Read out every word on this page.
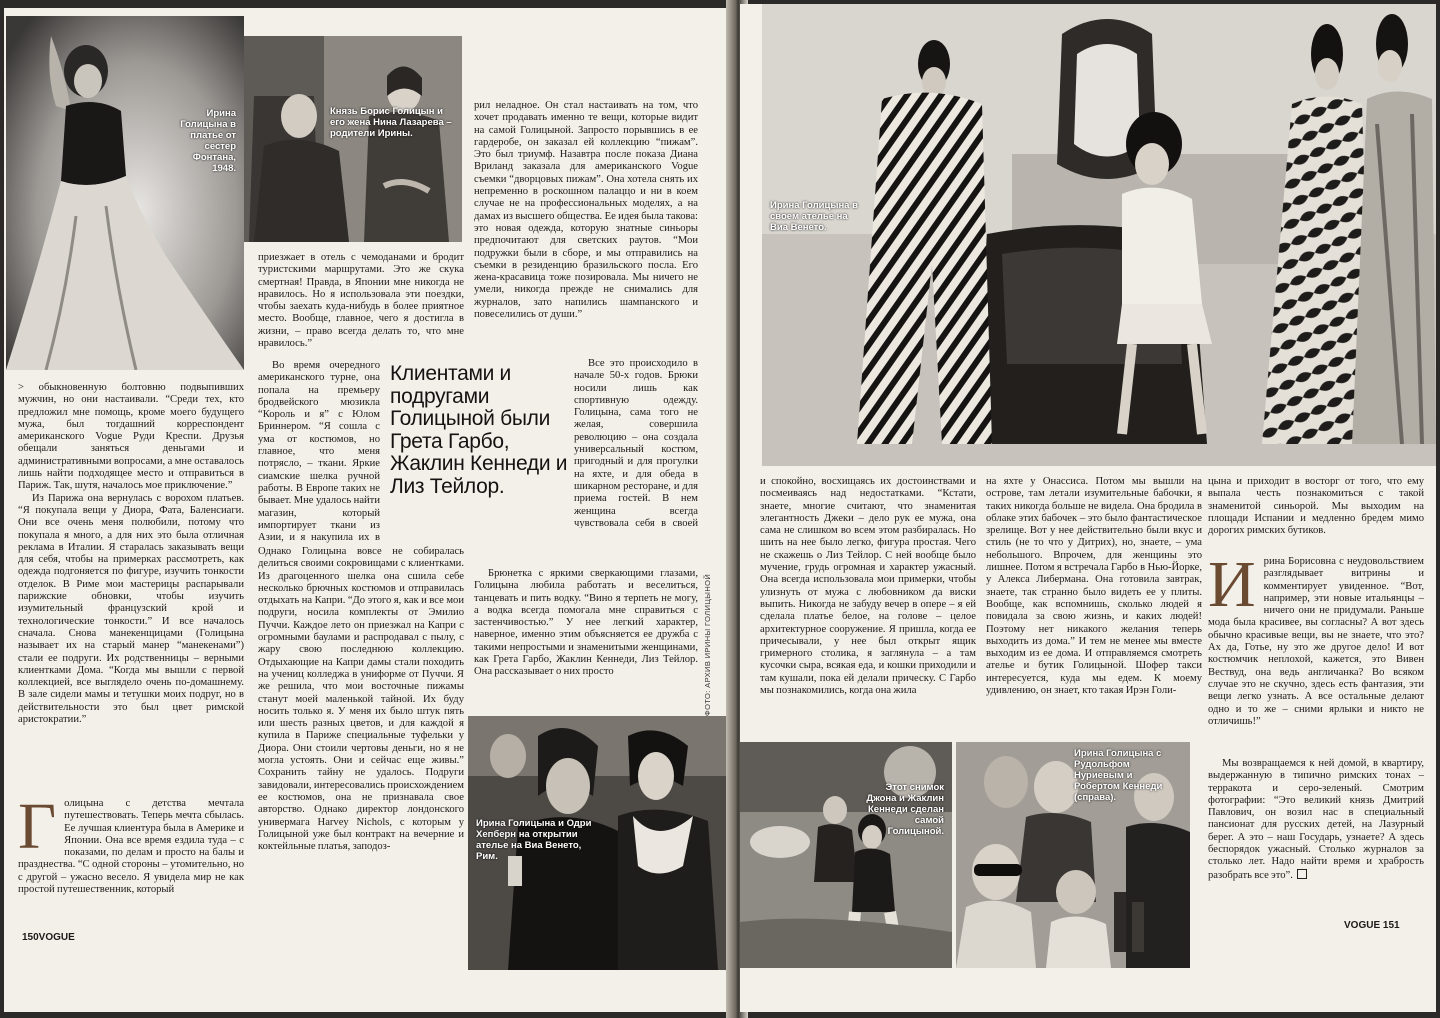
Ирина Голицына в платье от сестер Фонтана, 1948.
Князь Борис Голицын и его жена Нина Лазарева – родители Ирины.

> обыкновенную болтовню подвыпивших мужчин, но они настаивали. “Среди тех, кто предложил мне помощь, кроме моего будущего мужа, был тогдашний корреспондент американского Vogue Руди Креспи. Друзья обещали заняться деньгами и административными вопросами, а мне оставалось лишь найти подходящее место и отправиться в Париж. Так, шутя, началось мое приключение.”

Из Парижа она вернулась с ворохом платьев. “Я покупала вещи у Диора, Фата, Баленсиаги. Они все очень меня полюбили, потому что покупала я много, а для них это была отличная реклама в Италии. Я старалась заказывать вещи для себя, чтобы на примерках рассмотреть, как одежда подгоняется по фигуре, изучить тонкости отделок. В Риме мои мастерицы распарывали парижские обновки, чтобы изучить изумительный французский крой и технологические тонкости.” И все началось сначала. Снова манекенщицами (Голицына называет их на старый манер “манекенами”) стали ее подруги. Их родственницы – верными клиентками Дома. “Когда мы вышли с первой коллекцией, все выглядело очень по-домашнему. В зале сидели мамы и тетушки моих подруг, но в действительности это был цвет римской аристократии.”

Голицына с детства мечтала путешествовать. Теперь мечта сбылась. Ее лучшая клиентура была в Америке и Японии. Она все время ездила туда – с показами, по делам и просто на балы и празднества. “С одной стороны – утомительно, но с другой – ужасно весело. Я увидела мир не как простой путешественник, который

приезжает в отель с чемоданами и бродит туристскими маршрутами. Это же скука смертная! Правда, в Японии мне никогда не нравилось. Но я использовала эти поездки, чтобы заехать куда-нибудь в более приятное место. Вообще, главное, чего я достигла в жизни, – право всегда делать то, что мне нравилось.”

Во время очередного американского турне, она попала на премьеру бродвейского мюзикла “Король и я” с Юлом Бриннером. “Я сошла с ума от костюмов, но главное, что меня потрясло, – ткани. Яркие сиамские шелка ручной работы. В Европе таких не бывает. Мне удалось найти магазин, который импортирует ткани из Азии, и я накупила их в

Однако Голицына вовсе не собиралась делиться своими сокровищами с клиентками. Из драгоценного шелка она сшила себе несколько брючных костюмов и отправилась отдыхать на Капри. “До этого я, как и все мои подруги, носила комплекты от Эмилио Пуччи. Каждое лето он приезжал на Капри с огромными баулами и распродавал с пылу, с жару свою последнюю коллекцию. Отдыхающие на Капри дамы стали походить на учениц колледжа в униформе от Пуччи. Я же решила, что мои восточные пижамы станут моей маленькой тайной. Их буду носить только я. У меня их было штук пять или шесть разных цветов, и для каждой я купила в Париже специальные туфельки у Диора. Они стоили чертовы деньги, но я не могла устоять. Они и сейчас еще живы.” Сохранить тайну не удалось. Подруги завидовали, интересовались происхождением ее костюмов, она не признавала свое авторство. Однако директор лондонского универмага Harvey Nichols, с которым у Голицыной уже был контракт на вечерние и коктейльные платья, заподоз-

Клиентами и подругами Голицыной были Грета Гарбо, Жаклин Кеннеди и Лиз Тейлор.

рил неладное. Он стал настаивать на том, что хочет продавать именно те вещи, которые видит на самой Голицыной. Запросто порывшись в ее гардеробе, он заказал ей коллекцию “пижам”. Это был триумф. Назавтра после показа Диана Вриланд заказала для американского Vogue съемки “дворцовых пижам”. Она хотела снять их непременно в роскошном палаццо и ни в коем случае не на профессиональных моделях, а на дамах из высшего общества. Ее идея была такова: это новая одежда, которую знатные синьоры предпочитают для светских раутов. “Мои подружки были в сборе, и мы отправились на съемки в резиденцию бразильского посла. Его жена-красавица тоже позировала. Мы ничего не умели, никогда прежде не снимались для журналов, зато напились шампанского и повеселились от души.”

Все это происходило в начале 50-х годов. Брюки носили лишь как спортивную одежду. Голицына, сама того не желая, совершила революцию – она создала универсальный костюм, пригодный и для прогулки на яхте, и для обеда в шикарном ресторане, и для приема гостей. В нем женщина всегда чувствовала себя в своей

Брюнетка с яркими сверкающими глазами, Голицына любила работать и веселиться, танцевать и пить водку. “Вино я терпеть не могу, а водка всегда помогала мне справиться с застенчивостью.” У нее легкий характер, наверное, именно этим объясняется ее дружба с такими непростыми и знаменитыми женщинами, как Грета Гарбо, Жаклин Кеннеди, Лиз Тейлор. Она рассказывает о них просто	ФОТО: АРХИВ ИРИНЫ ГОЛИЦЫНОЙ
Ирина Голицына и Одри Хепберн на открытии ателье на Виа Венето, Рим.
150VOGUE
Ирина Голицына в своем ателье на Виа Венето.

и спокойно, восхищаясь их достоинствами и посмеиваясь над недостатками. “Кстати, знаете, многие считают, что знаменитая элегантность Джеки – дело рук ее мужа, она сама не слишком во всем этом разбиралась. Но шить на нее было легко, фигура простая. Чего не скажешь о Лиз Тейлор. С ней вообще было мучение, грудь огромная и характер ужасный. Она всегда использовала мои примерки, чтобы улизнуть от мужа с любовником да виски выпить. Никогда не забуду вечер в опере – я ей сделала платье белое, на голове – целое архитектурное сооружение. Я пришла, когда ее причесывали, у нее был открыт ящик гримерного столика, я заглянула – а там куcочки сыра, всякая еда, и кошки приходили и там кушали, пока ей делали прическу. С Гарбо мы познакомились, когда она жила

на яхте у Онассиса. Потом мы вышли на острове, там летали изумительные бабочки, я таких никогда больше не видела. Она бродила в облаке этих бабочек – это было фантастическое зрелище. Вот у нее действительно были вкус и стиль (не то что у Дитрих), но, знаете, – ума небольшого. Впрочем, для женщины это лишнее. Потом я встречала Гарбо в Нью-Йорке, у Алекса Либермана. Она готовила завтрак, знаете, так странно было видеть ее у плиты. Вообще, как вспомнишь, сколько людей я повидала за свою жизнь, и каких людей! Поэтому нет никакого желания теперь выходить из дома.” И тем не менее мы вместе выходим из ее дома. И отправляемся смотреть ателье и бутик Голицыной. Шофер такси интересуется, куда мы едем. К моему удивлению, он знает, кто такая Ирэн Голи-

цына и приходит в восторг от того, что ему выпала честь познакомиться с такой знаменитой синьорой. Мы выходим на площади Испании и медленно бредем мимо дорогих римских бутиков.

Ирина Борисовна с неудовольствием разглядывает витрины и комментирует увиденное. “Вот, например, эти новые итальянцы – ничего они не придумали. Раньше мода была красивее, вы согласны? А вот здесь обычно красивые вещи, вы не знаете, что это? Ах да, Готье, ну это же другое дело! И вот костюмчик неплохой, кажется, это Вивен Вествуд, она ведь англичанка? Во всяком случае это не скучно, здесь есть фантазия, эти вещи легко узнать. А все остальные делают одно и то же – сними ярлыки и никто не отличишь!”

Мы возвращаемся к ней домой, в квартиру, выдержанную в типично римских тонах – терракота и серо-зеленый. Смотрим фотографии: “Это великий князь Дмитрий Павлович, он возил нас в специальный пансионат для русских детей, на Лазурный берег. А это – наш Государь, узнаете? А здесь беспорядок ужасный. Столько журналов за столько лет. Надо найти время и храбрость разобрать все это”.

Этот снимок Джона и Жаклин Кеннеди сделан самой Голицыной.
Ирина Голицына с Рудольфом Нуриевым и Робертом Кеннеди (справа).
VOGUE 151
